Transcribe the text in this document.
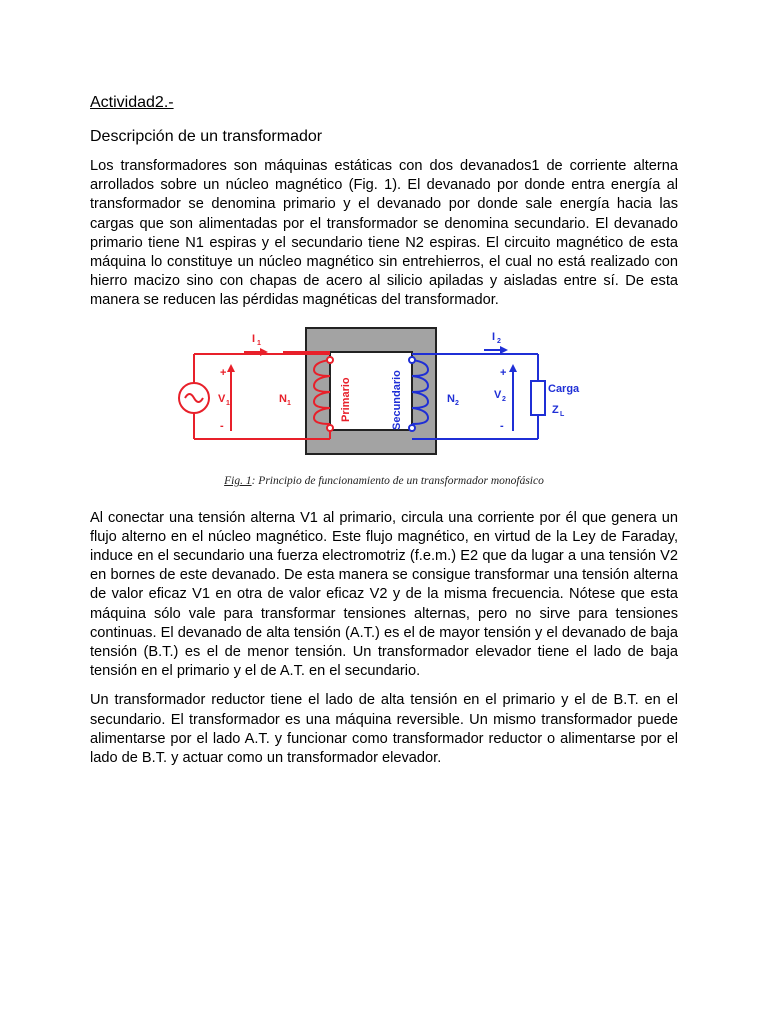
Actividad2.-
Descripción de un transformador

Los transformadores son máquinas estáticas con dos devanados1 de corriente alterna arrollados sobre un núcleo magnético (Fig. 1). El devanado por donde entra energía al transformador se denomina primario y el devanado por donde sale energía hacia las cargas que son alimentadas por el transformador se denomina secundario. El devanado primario tiene N1 espiras y el secundario tiene N2 espiras. El circuito magnético de esta máquina lo constituye un núcleo magnético sin entrehierros, el cual no está realizado con hierro macizo sino con chapas de acero al silicio apiladas y aisladas entre sí. De esta manera se reducen las pérdidas magnéticas del transformador.

I 1
I 2
+
-
V 1	N 1	Primario	Secundario	N 2
+
-
V 2
Carga
Z L
Fig. 1: Principio de funcionamiento de un transformador monofásico

Al conectar una tensión alterna V1 al primario, circula una corriente por él que genera un flujo alterno en el núcleo magnético. Este flujo magnético, en virtud de la Ley de Faraday, induce en el secundario una fuerza electromotriz (f.e.m.) E2 que da lugar a una tensión V2 en bornes de este devanado. De esta manera se consigue transformar una tensión alterna de valor eficaz V1 en otra de valor eficaz V2 y de la misma frecuencia. Nótese que esta máquina sólo vale para transformar tensiones alternas, pero no sirve para tensiones continuas. El devanado de alta tensión (A.T.) es el de mayor tensión y el devanado de baja tensión (B.T.) es el de menor tensión. Un transformador elevador tiene el lado de baja tensión en el primario y el de A.T. en el secundario.

Un transformador reductor tiene el lado de alta tensión en el primario y el de B.T. en el secundario. El transformador es una máquina reversible. Un mismo transformador puede alimentarse por el lado A.T. y funcionar como transformador reductor o alimentarse por el lado de B.T. y actuar como un transformador elevador.
